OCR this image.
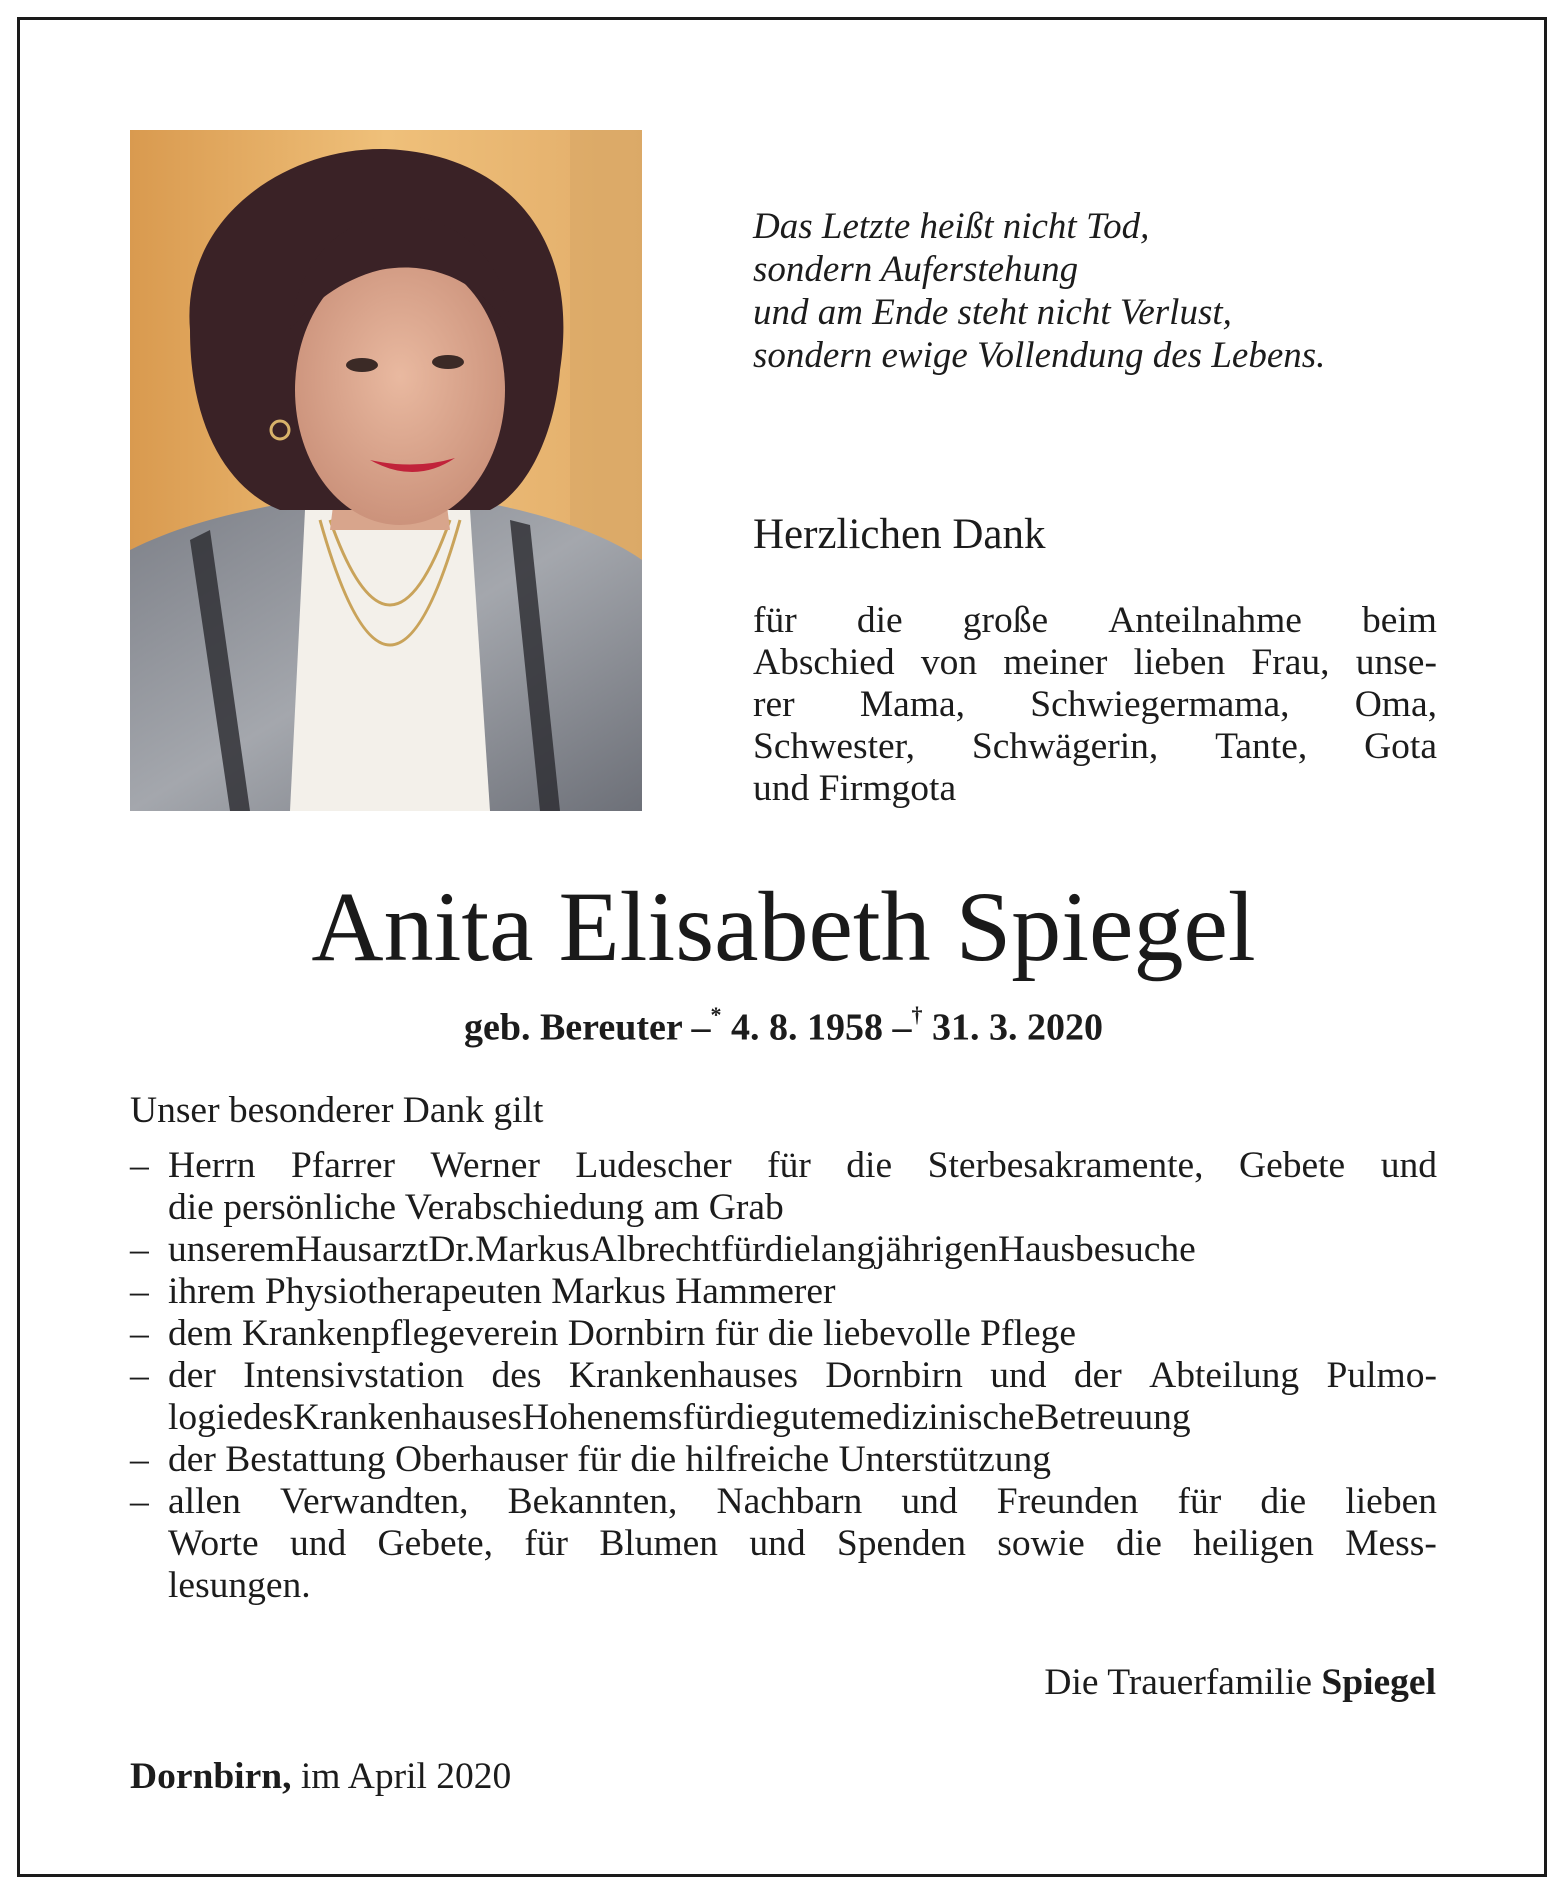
Das Letzte heißt nicht Tod,
sondern Auferstehung
und am Ende steht nicht Verlust,
sondern ewige Vollendung des Lebens.
Herzlichen Dank
für die große Anteilnahme beim
Abschied von meiner lieben Frau, unse-
rer Mama, Schwiegermama, Oma,
Schwester, Schwägerin, Tante, Gota
und Firmgota
Anita Elisabeth Spiegel
geb. Bereuter –* 4. 8. 1958 –† 31. 3. 2020
Unser besonderer Dank gilt
– Herrn Pfarrer Werner Ludescher für die Sterbesakramente, Gebete und
die persönliche Verabschiedung am Grab
– unserem Hausarzt Dr. Markus Albrecht für die langjährigen Hausbesuche
– ihrem Physiotherapeuten Markus Hammerer
– dem Krankenpflegeverein Dornbirn für die liebevolle Pflege
– der Intensivstation des Krankenhauses Dornbirn und der Abteilung Pulmo-
logie des Krankenhauses Hohenems für die gute medizinische Betreuung
– der Bestattung Oberhauser für die hilfreiche Unterstützung
– allen Verwandten, Bekannten, Nachbarn und Freunden für die lieben
Worte und Gebete, für Blumen und Spenden sowie die heiligen Mess-
lesungen.
Die Trauerfamilie Spiegel
Dornbirn, im April 2020
